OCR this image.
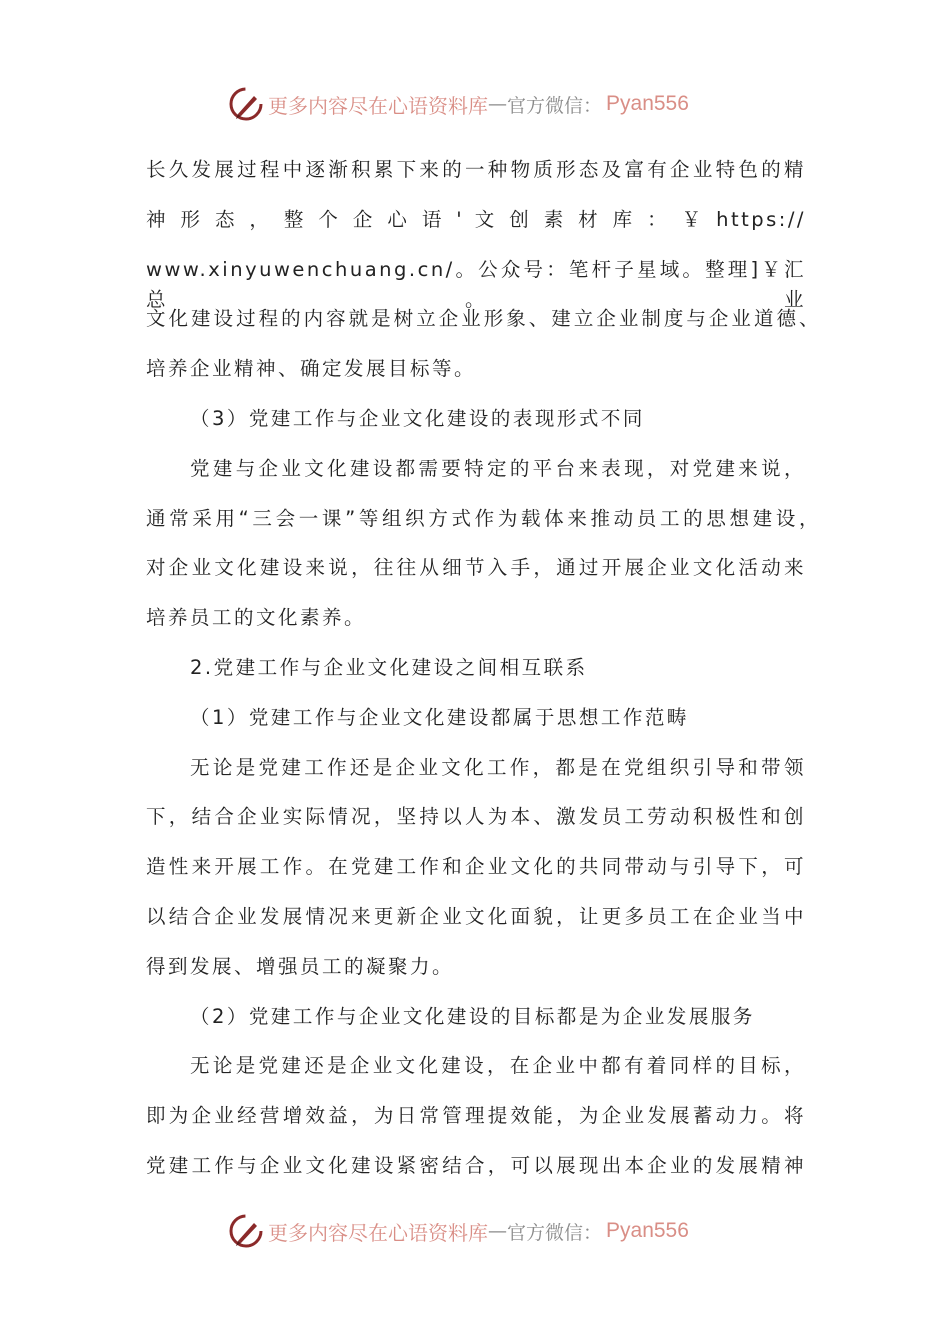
更多内容尽在心语资料库 — 官方微信： Pyan556
长久发展过程中逐渐积累下来的一种物质形态及富有企业特色的精
神 形 态 ， 整 个 企 心 语 ' 文 创 素 材 库 ： ￥ https://
www.xinyuwenchuang.cn/。公众号：笔杆子星域。整理]￥汇总。业
文化建设过程的内容就是树立企业形象、建立企业制度与企业道德、
培养企业精神、确定发展目标等。
（3）党建工作与企业文化建设的表现形式不同
党建与企业文化建设都需要特定的平台来表现，对党建来说，
通常采用“三会一课”等组织方式作为载体来推动员工的思想建设，
对企业文化建设来说，往往从细节入手，通过开展企业文化活动来
培养员工的文化素养。
2.党建工作与企业文化建设之间相互联系
（1）党建工作与企业文化建设都属于思想工作范畴
无论是党建工作还是企业文化工作，都是在党组织引导和带领
下，结合企业实际情况，坚持以人为本、激发员工劳动积极性和创
造性来开展工作。在党建工作和企业文化的共同带动与引导下，可
以结合企业发展情况来更新企业文化面貌，让更多员工在企业当中
得到发展、增强员工的凝聚力。
（2）党建工作与企业文化建设的目标都是为企业发展服务
无论是党建还是企业文化建设，在企业中都有着同样的目标，
即为企业经营增效益，为日常管理提效能，为企业发展蓄动力。将
党建工作与企业文化建设紧密结合，可以展现出本企业的发展精神
更多内容尽在心语资料库 — 官方微信： Pyan556
